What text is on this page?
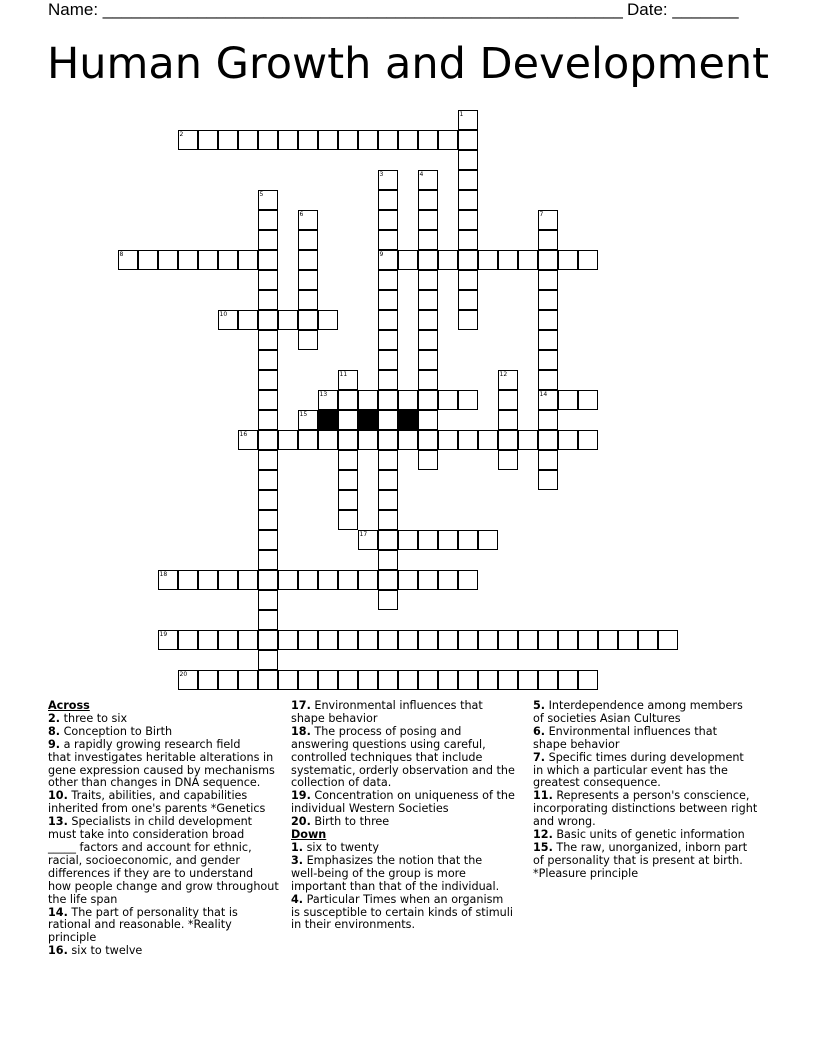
Name: _______________________________________________________ Date: _______
Human Growth and Development
8
2
1
3
9
4
5
6	7
14
10
11	12
13
15
16
17
18
19
20
Across
2. three to six
8. Conception to Birth
9. a rapidly growing research field
that investigates heritable alterations in
gene expression caused by mechanisms
other than changes in DNA sequence.
10. Traits, abilities, and capabilities
inherited from one's parents *Genetics
13. Specialists in child development
must take into consideration broad
_____ factors and account for ethnic,
racial, socioeconomic, and gender
differences if they are to understand
how people change and grow throughout
the life span
14. The part of personality that is
rational and reasonable. *Reality
principle
16. six to twelve
17. Environmental influences that
shape behavior
18. The process of posing and
answering questions using careful,
controlled techniques that include
systematic, orderly observation and the
collection of data.
19. Concentration on uniqueness of the
individual Western Societies
20. Birth to three
Down
1. six to twenty
3. Emphasizes the notion that the
well-being of the group is more
important than that of the individual.
4. Particular Times when an organism
is susceptible to certain kinds of stimuli
in their environments.
5. Interdependence among members
of societies Asian Cultures
6. Environmental influences that
shape behavior
7. Specific times during development
in which a particular event has the
greatest consequence.
11. Represents a person's conscience,
incorporating distinctions between right
and wrong.
12. Basic units of genetic information
15. The raw, unorganized, inborn part
of personality that is present at birth.
*Pleasure principle
